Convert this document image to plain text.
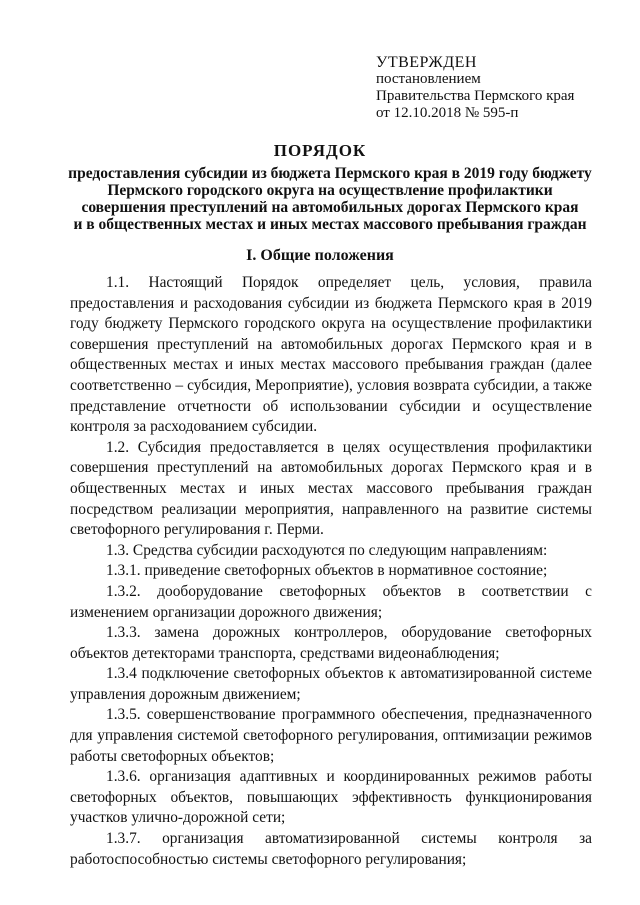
УТВЕРЖДЕН
постановлением
Правительства Пермского края
от 12.10.2018 № 595-п
ПОРЯДОК
предоставления субсидии из бюджета Пермского края в 2019 году бюджету
Пермского городского округа на осуществление профилактики
совершения преступлений на автомобильных дорогах Пермского края
и в общественных местах и иных местах массового пребывания граждан
I. Общие положения

1.1. Настоящий Порядок определяет цель, условия, правила предоставления и расходования субсидии из бюджета Пермского края в 2019 году бюджету Пермского городского округа на осуществление профилактики совершения преступлений на автомобильных дорогах Пермского края и в общественных местах и иных местах массового пребывания граждан (далее соответственно – субсидия, Мероприятие), условия возврата субсидии, а также представление отчетности об использовании субсидии и осуществление контроля за расходованием субсидии.

1.2. Субсидия предоставляется в целях осуществления профилактики совершения преступлений на автомобильных дорогах Пермского края и в общественных местах и иных местах массового пребывания граждан посредством реализации мероприятия, направленного на развитие системы светофорного регулирования г. Перми.

1.3. Средства субсидии расходуются по следующим направлениям:

1.3.1. приведение светофорных объектов в нормативное состояние;

1.3.2. дооборудование светофорных объектов в соответствии с изменением организации дорожного движения;

1.3.3. замена дорожных контроллеров, оборудование светофорных объектов детекторами транспорта, средствами видеонаблюдения;

1.3.4 подключение светофорных объектов к автоматизированной системе управления дорожным движением;

1.3.5. совершенствование программного обеспечения, предназначенного для управления системой светофорного регулирования, оптимизации режимов работы светофорных объектов;

1.3.6. организация адаптивных и координированных режимов работы светофорных объектов, повышающих эффективность функционирования участков улично-дорожной сети;

1.3.7. организация автоматизированной системы контроля за работоспособностью системы светофорного регулирования;
